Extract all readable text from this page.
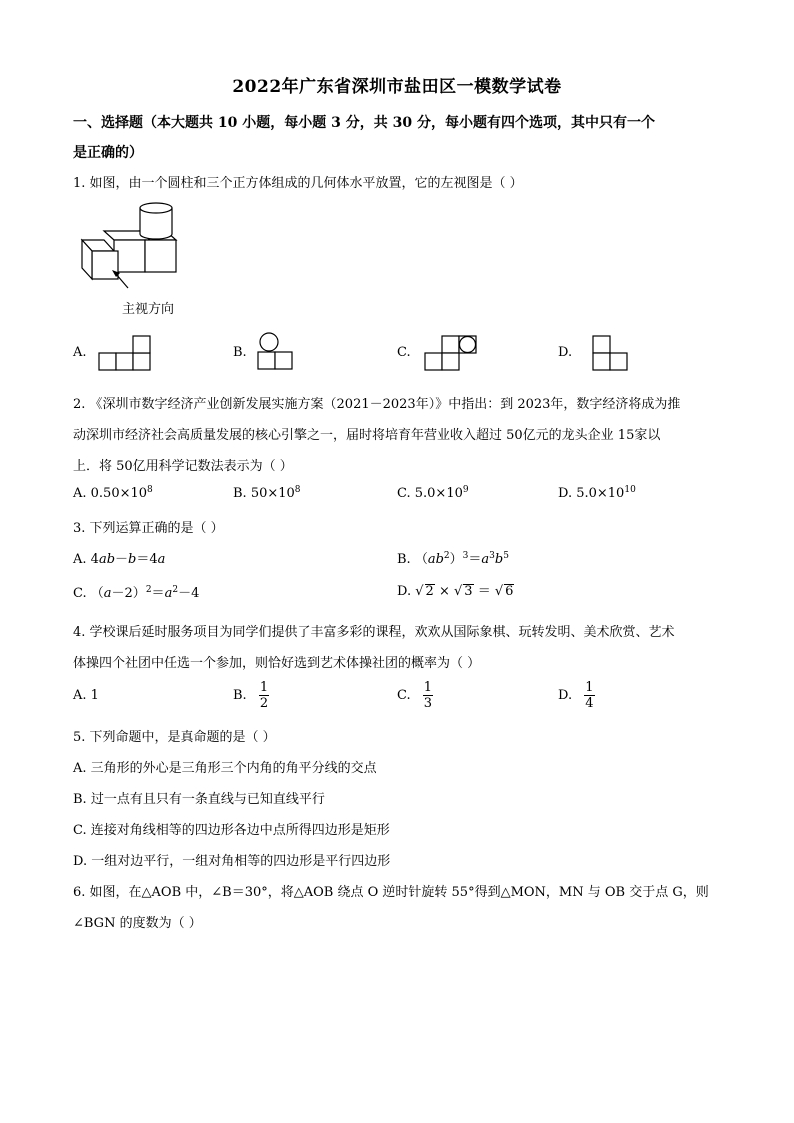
2022年广东省深圳市盐田区一模数学试卷
一、选择题（本大题共 10 小题，每小题 3 分，共 30 分，每小题有四个选项，其中只有一个
是正确的）
1. 如图，由一个圆柱和三个正方体组成的几何体水平放置，它的左视图是（ ）
主视方向
A.	B.	C.	D.
2. 《深圳市数字经济产业创新发展实施方案（2021－2023年）》中指出：到 2023年，数字经济将成为推
动深圳市经济社会高质量发展的核心引擎之一，届时将培育年营业收入超过 50亿元的龙头企业 15家以
上．将 50亿用科学记数法表示为（ ）
A. $0.50\times 10^8$	B. $50\times 10^8$	C. $5.0\times 10^9$	D. $5.0\times 10^{10}$
3. 下列运算正确的是（ ）
A. 4ab－b＝4a	B. $(ab^2)^3=a^3b^5$
C. $(a-2)^2=a^2-4$	D. √ 2 × √ 3 ＝ √ 6
4. 学校课后延时服务项目为同学们提供了丰富多彩的课程，欢欢从国际象棋、玩转发明、美术欣赏、艺术
体操四个社团中任选一个参加，则恰好选到艺术体操社团的概率为（ ）
A. 1	B. $\frac{1}{2}$	C. $\frac{1}{3}$	D. $\frac{1}{4}$
5. 下列命题中，是真命题的是（ ）
A. 三角形的外心是三角形三个内角的角平分线的交点
B. 过一点有且只有一条直线与已知直线平行
C. 连接对角线相等的四边形各边中点所得四边形是矩形
D. 一组对边平行，一组对角相等的四边形是平行四边形
6. 如图，在△AOB 中，∠B＝30°，将△AOB 绕点 O 逆时针旋转 55°得到△MON，MN 与 OB 交于点 G，则
∠BGN 的度数为（ ）
